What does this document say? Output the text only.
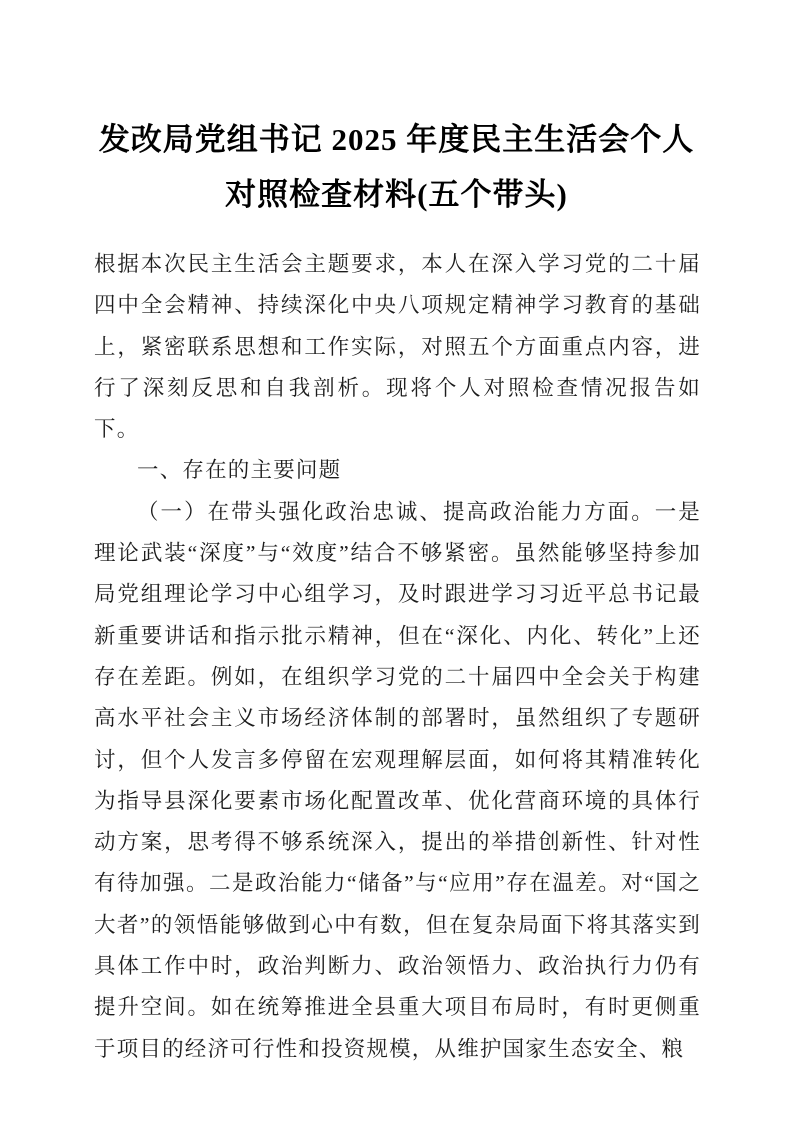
发改局党组书记 2025 年度民主生活会个人
对照检查材料(五个带头)

根据本次民主生活会主题要求，本人在深入学习党的二十届四中全会精神、持续深化中央八项规定精神学习教育的基础上，紧密联系思想和工作实际，对照五个方面重点内容，进行了深刻反思和自我剖析。现将个人对照检查情况报告如下。

一、存在的主要问题

（一）在带头强化政治忠诚、提高政治能力方面。一是理论武装“深度”与“效度”结合不够紧密。虽然能够坚持参加局党组理论学习中心组学习，及时跟进学习习近平总书记最新重要讲话和指示批示精神，但在“深化、内化、转化”上还存在差距。例如，在组织学习党的二十届四中全会关于构建高水平社会主义市场经济体制的部署时，虽然组织了专题研讨，但个人发言多停留在宏观理解层面，如何将其精准转化为指导县深化要素市场化配置改革、优化营商环境的具体行动方案，思考得不够系统深入，提出的举措创新性、针对性有待加强。二是政治能力“储备”与“应用”存在温差。对“国之大者”的领悟能够做到心中有数，但在复杂局面下将其落实到具体工作中时，政治判断力、政治领悟力、政治执行力仍有提升空间。如在统筹推进全县重大项目布局时，有时更侧重于项目的经济可行性和投资规模，从维护国家生态安全、粮
